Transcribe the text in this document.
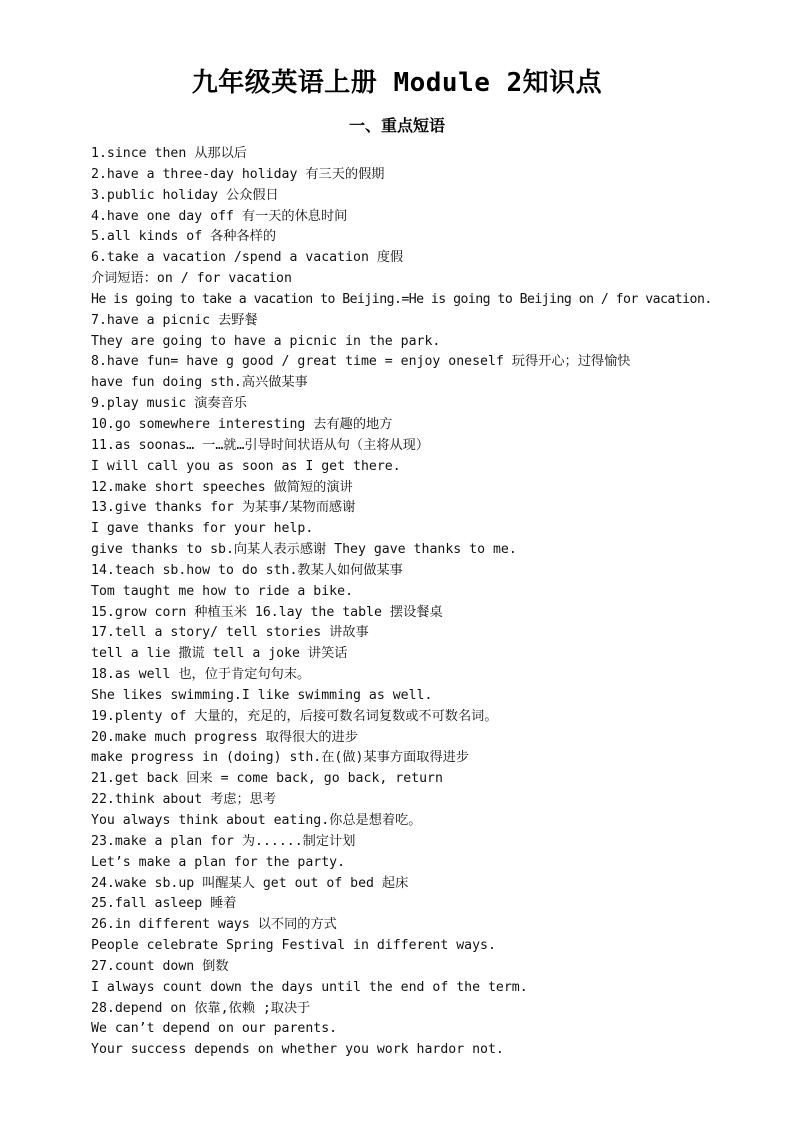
九年级英语上册 Module 2知识点
一、重点短语
1.since then 从那以后
2.have a three-day holiday 有三天的假期
3.public holiday 公众假日
4.have one day off 有一天的休息时间
5.all kinds of 各种各样的
6.take a vacation /spend a vacation 度假
介词短语：on / for vacation
He is going to take a vacation to Beijing.=He is going to Beijing on / for vacation.
7.have a picnic 去野餐
They are going to have a picnic in the park.
8.have fun= have g good / great time = enjoy oneself 玩得开心；过得愉快
have fun doing sth.高兴做某事
9.play music 演奏音乐
10.go somewhere interesting 去有趣的地方
11.as soonas… 一…就…引导时间状语从句（主将从现）
I will call you as soon as I get there.
12.make short speeches 做简短的演讲
13.give thanks for 为某事/某物而感谢
I gave thanks for your help.
give thanks to sb.向某人表示感谢 They gave thanks to me.
14.teach sb.how to do sth.教某人如何做某事
Tom taught me how to ride a bike.
15.grow corn 种植玉米 16.lay the table 摆设餐桌
17.tell a story/ tell stories 讲故事
tell a lie 撒谎 tell a joke 讲笑话
18.as well 也，位于肯定句句末。
She likes swimming.I like swimming as well.
19.plenty of 大量的，充足的，后接可数名词复数或不可数名词。
20.make much progress 取得很大的进步
make progress in (doing) sth.在(做)某事方面取得进步
21.get back 回来 = come back, go back, return
22.think about 考虑；思考
You always think about eating.你总是想着吃。
23.make a plan for 为......制定计划
Let’s make a plan for the party.
24.wake sb.up 叫醒某人 get out of bed 起床
25.fall asleep 睡着
26.in different ways 以不同的方式
People celebrate Spring Festival in different ways.
27.count down 倒数
I always count down the days until the end of the term.
28.depend on 依靠,依赖 ;取决于
We can’t depend on our parents.
Your success depends on whether you work hardor not.
